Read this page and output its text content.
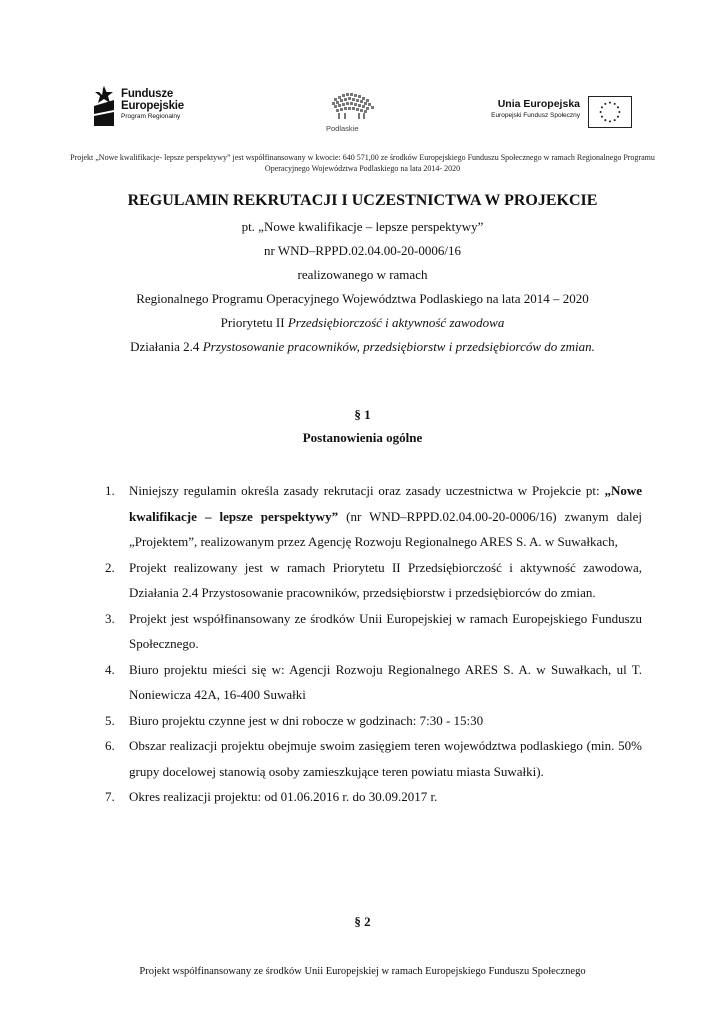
Fundusze
Europejskie
Program Regionalny
Podlaskie
Unia Europejska
Europejski Fundusz Społeczny
Projekt „Nowe kwalifikacje- lepsze perspektywy” jest współfinansowany w kwocie: 640 571,00 ze środków Europejskiego Funduszu Społecznego w ramach Regionalnego Programu Operacyjnego Województwa Podlaskiego na lata 2014- 2020
REGULAMIN REKRUTACJI I UCZESTNICTWA W PROJEKCIE
pt. „Nowe kwalifikacje – lepsze perspektywy”
nr WND–RPPD.02.04.00-20-0006/16
realizowanego w ramach
Regionalnego Programu Operacyjnego Województwa Podlaskiego na lata 2014 – 2020
Priorytetu II Przedsiębiorczość i aktywność zawodowa
Działania 2.4 Przystosowanie pracowników, przedsiębiorstw i przedsiębiorców do zmian.
§ 1
Postanowienia ogólne
1. Niniejszy regulamin określa zasady rekrutacji oraz zasady uczestnictwa w Projekcie pt: „Nowe kwalifikacje – lepsze perspektywy” (nr WND–RPPD.02.04.00-20-0006/16) zwanym dalej „Projektem”, realizowanym przez Agencję Rozwoju Regionalnego ARES S. A. w Suwałkach,
2. Projekt realizowany jest w ramach Priorytetu II Przedsiębiorczość i aktywność zawodowa, Działania 2.4 Przystosowanie pracowników, przedsiębiorstw i przedsiębiorców do zmian.
3. Projekt jest współfinansowany ze środków Unii Europejskiej w ramach Europejskiego Funduszu Społecznego.
4. Biuro projektu mieści się w: Agencji Rozwoju Regionalnego ARES S. A. w Suwałkach, ul T. Noniewicza 42A, 16-400 Suwałki
5. Biuro projektu czynne jest w dni robocze w godzinach: 7:30 - 15:30
6. Obszar realizacji projektu obejmuje swoim zasięgiem teren województwa podlaskiego (min. 50% grupy docelowej stanowią osoby zamieszkujące teren powiatu miasta Suwałki).
7. Okres realizacji projektu: od 01.06.2016 r. do 30.09.2017 r.
§ 2
Projekt współfinansowany ze środków Unii Europejskiej w ramach Europejskiego Funduszu Społecznego
